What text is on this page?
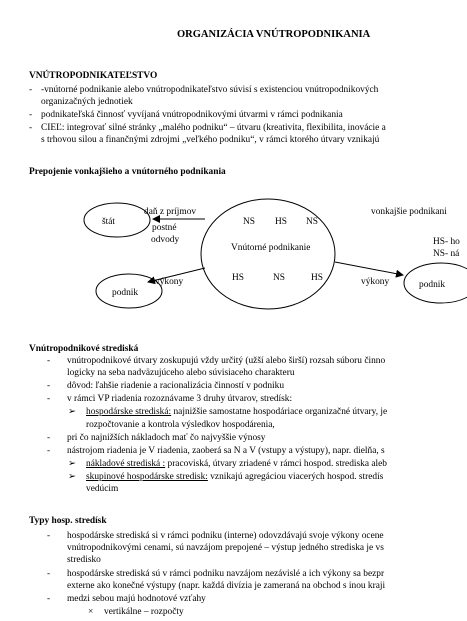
ORGANIZÁCIA VNÚTROPODNIKANIA
VNÚTROPODNIKATEĽSTVO
- -vnútorné podnikanie alebo vnútropodnikateľstvo súvisí s existenciou vnútropodnikových
organizačných jednotiek
- podnikateľská činnosť vyvíjaná vnútropodnikovými útvarmi v rámci podnikania
- CIEĽ: integrovať silné stránky „malého podniku“ – útvaru (kreativita, flexibilita, inovácie a
s trhovou silou a finančnými zdrojmi „veľkého podniku“, v rámci ktorého útvary vznikajú
Prepojenie vonkajšieho a vnútorného podnikania
štát
daň z príjmov
postné
odvody
NS HS NS
Vnútorné podnikanie
HS	NS	HS
výkony	výkony
podnik
podnik
vonkajšie podnikani
HS- ho
NS- ná
Vnútropodnikové strediská
- vnútropodnikové útvary zoskupujú vždy určitý (užší alebo širší) rozsah súboru činno
logicky na seba nadväzujúceho alebo súvisiaceho charakteru
- dôvod: ľahšie riadenie a racionalizácia činností v podniku
- v rámci VP riadenia rozoznávame 3 druhy útvarov, stredísk:
➢ hospodárske strediská: najnižšie samostatne hospodáriace organizačné útvary, je
rozpočtovanie a kontrola výsledkov hospodárenia,
- pri čo najnižších nákladoch mať čo najvyššie výnosy
- nástrojom riadenia je V riadenia, zaoberá sa N a V (vstupy a výstupy), napr. dielňa, s
➢ nákladové strediská : pracoviská, útvary zriadené v rámci hospod. strediska aleb
➢ skupinové hospodárske stredisk: vznikajú agregáciou viacerých hospod. stredís
vedúcim
Typy hosp. stredísk
- hospodárske strediská si v rámci podniku (interne) odovzdávajú svoje výkony ocene
vnútropodnikovými cenami, sú navzájom prepojené – výstup jedného strediska je vs
stredisko
- hospodárske strediská sú v rámci podniku navzájom nezávislé a ich výkony sa bezpr
externe ako konečné výstupy (napr. každá divízia je zameraná na obchod s inou kraji
- medzi sebou majú hodnotové vzťahy
× vertikálne – rozpočty
